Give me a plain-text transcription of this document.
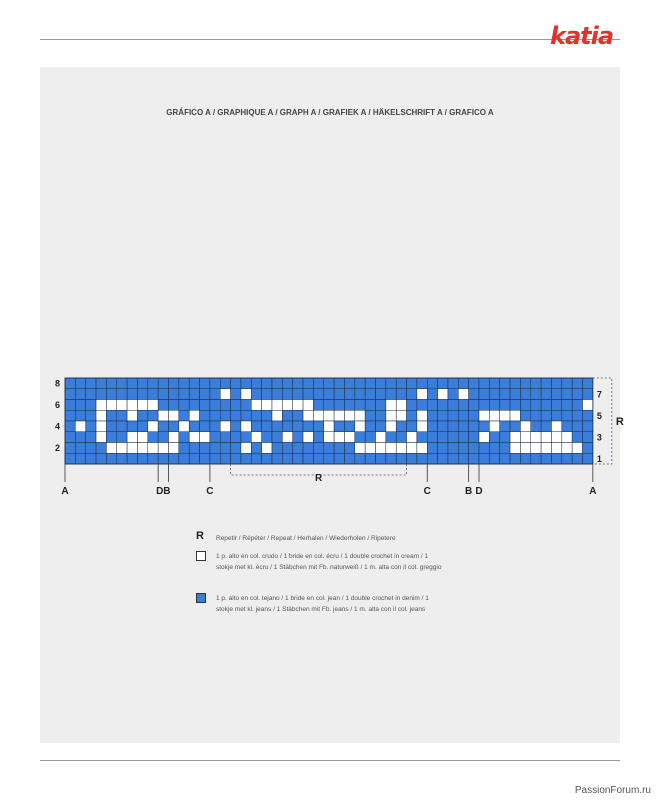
katia
GRÁFICO A / GRAPHIQUE A / GRAPH A / GRAFIEK A / HÄKELSCHRIFT A / GRAFICO A
2
4
6
8
1
3
5
7
R
A	DB	C	C	B D	A
R
R Repetir / Répéter / Repeat / Herhalen / Wiederholen / Ripetere
1 p. alto en col. crudo / 1 bride en col. écru / 1 double crochet in cream / 1 stokje met kl. écru / 1 Stäbchen mit Fb. naturweiß / 1 m. alta con il col. greggio
1 p. alto en col. tejano / 1 bride en col. jean / 1 double crochet in denim / 1 stokje met kl. jeans / 1 Stäbchen mit Fb. jeans / 1 m. alta con il col. jeans
PassionForum.ru
